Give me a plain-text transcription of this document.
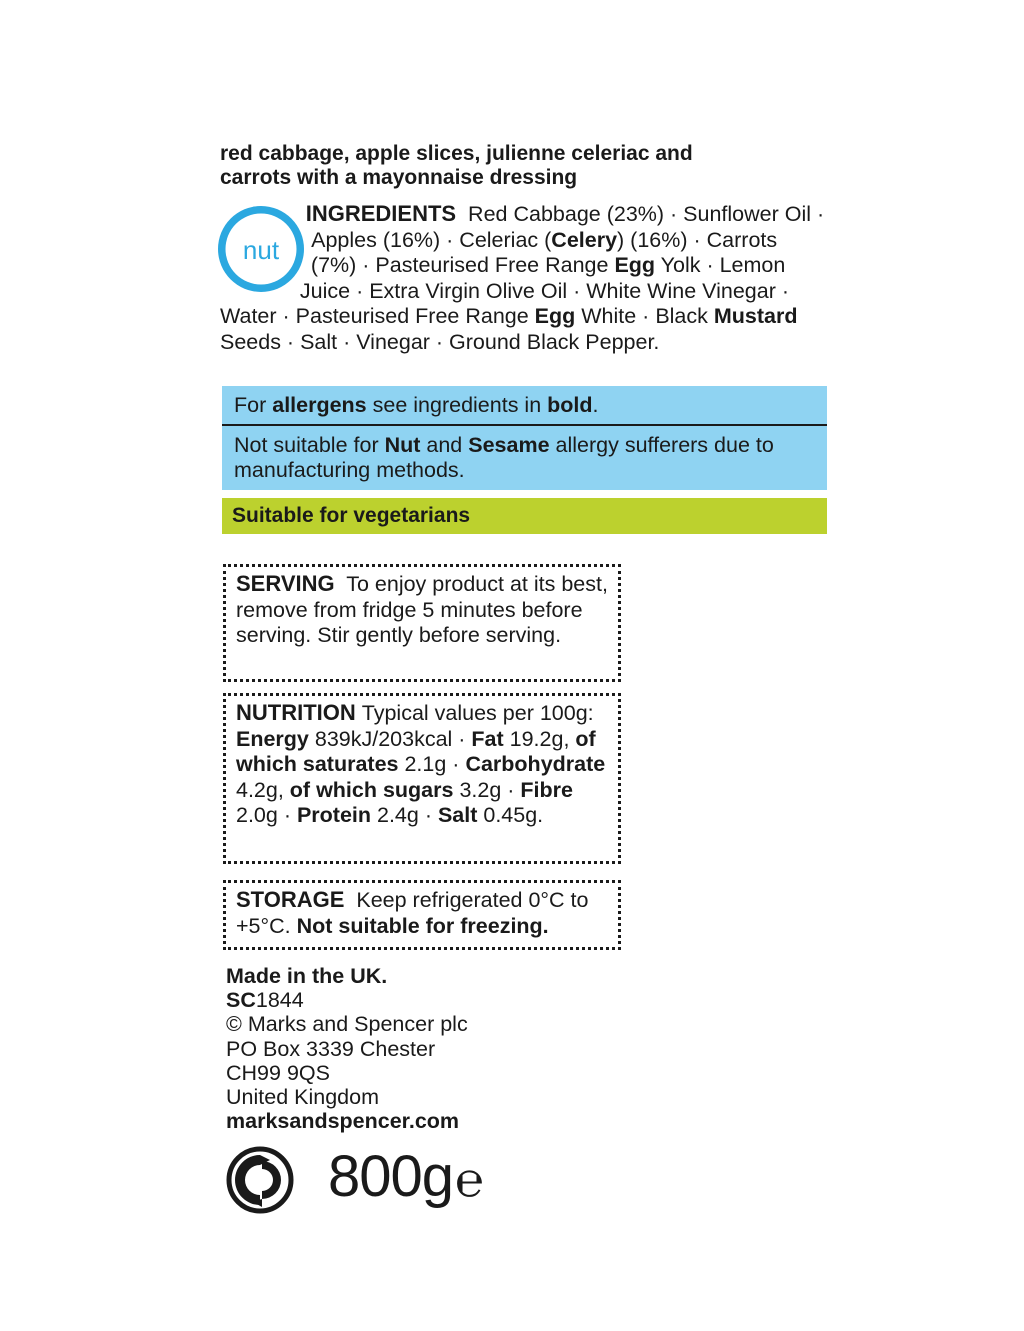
red cabbage, apple slices, julienne celeriac and
carrots with a mayonnaise dressing
nut
not suitable for
allergy sufferers
INGREDIENTS Red Cabbage (23%) · Sunflower Oil · Apples (16%) · Celeriac (Celery) (16%) · Carrots (7%) · Pasteurised Free Range Egg Yolk · Lemon Juice · Extra Virgin Olive Oil · White Wine Vinegar · Water · Pasteurised Free Range Egg White · Black Mustard Seeds · Salt · Vinegar · Ground Black Pepper.
For allergens see ingredients in bold.
Not suitable for Nut and Sesame allergy sufferers due to manufacturing methods.
Suitable for vegetarians
SERVING To enjoy product at its best, remove from fridge 5 minutes before serving. Stir gently before serving.
NUTRITION Typical values per 100g: Energy 839kJ/203kcal · Fat 19.2g, of which saturates 2.1g · Carbohydrate 4.2g, of which sugars 3.2g · Fibre 2.0g · Protein 2.4g · Salt 0.45g.
STORAGE Keep refrigerated 0°C to +5°C. Not suitable for freezing.
Made in the UK.
SC1844
© Marks and Spencer plc
PO Box 3339 Chester
CH99 9QS
United Kingdom
marksandspencer.com
800g℮
